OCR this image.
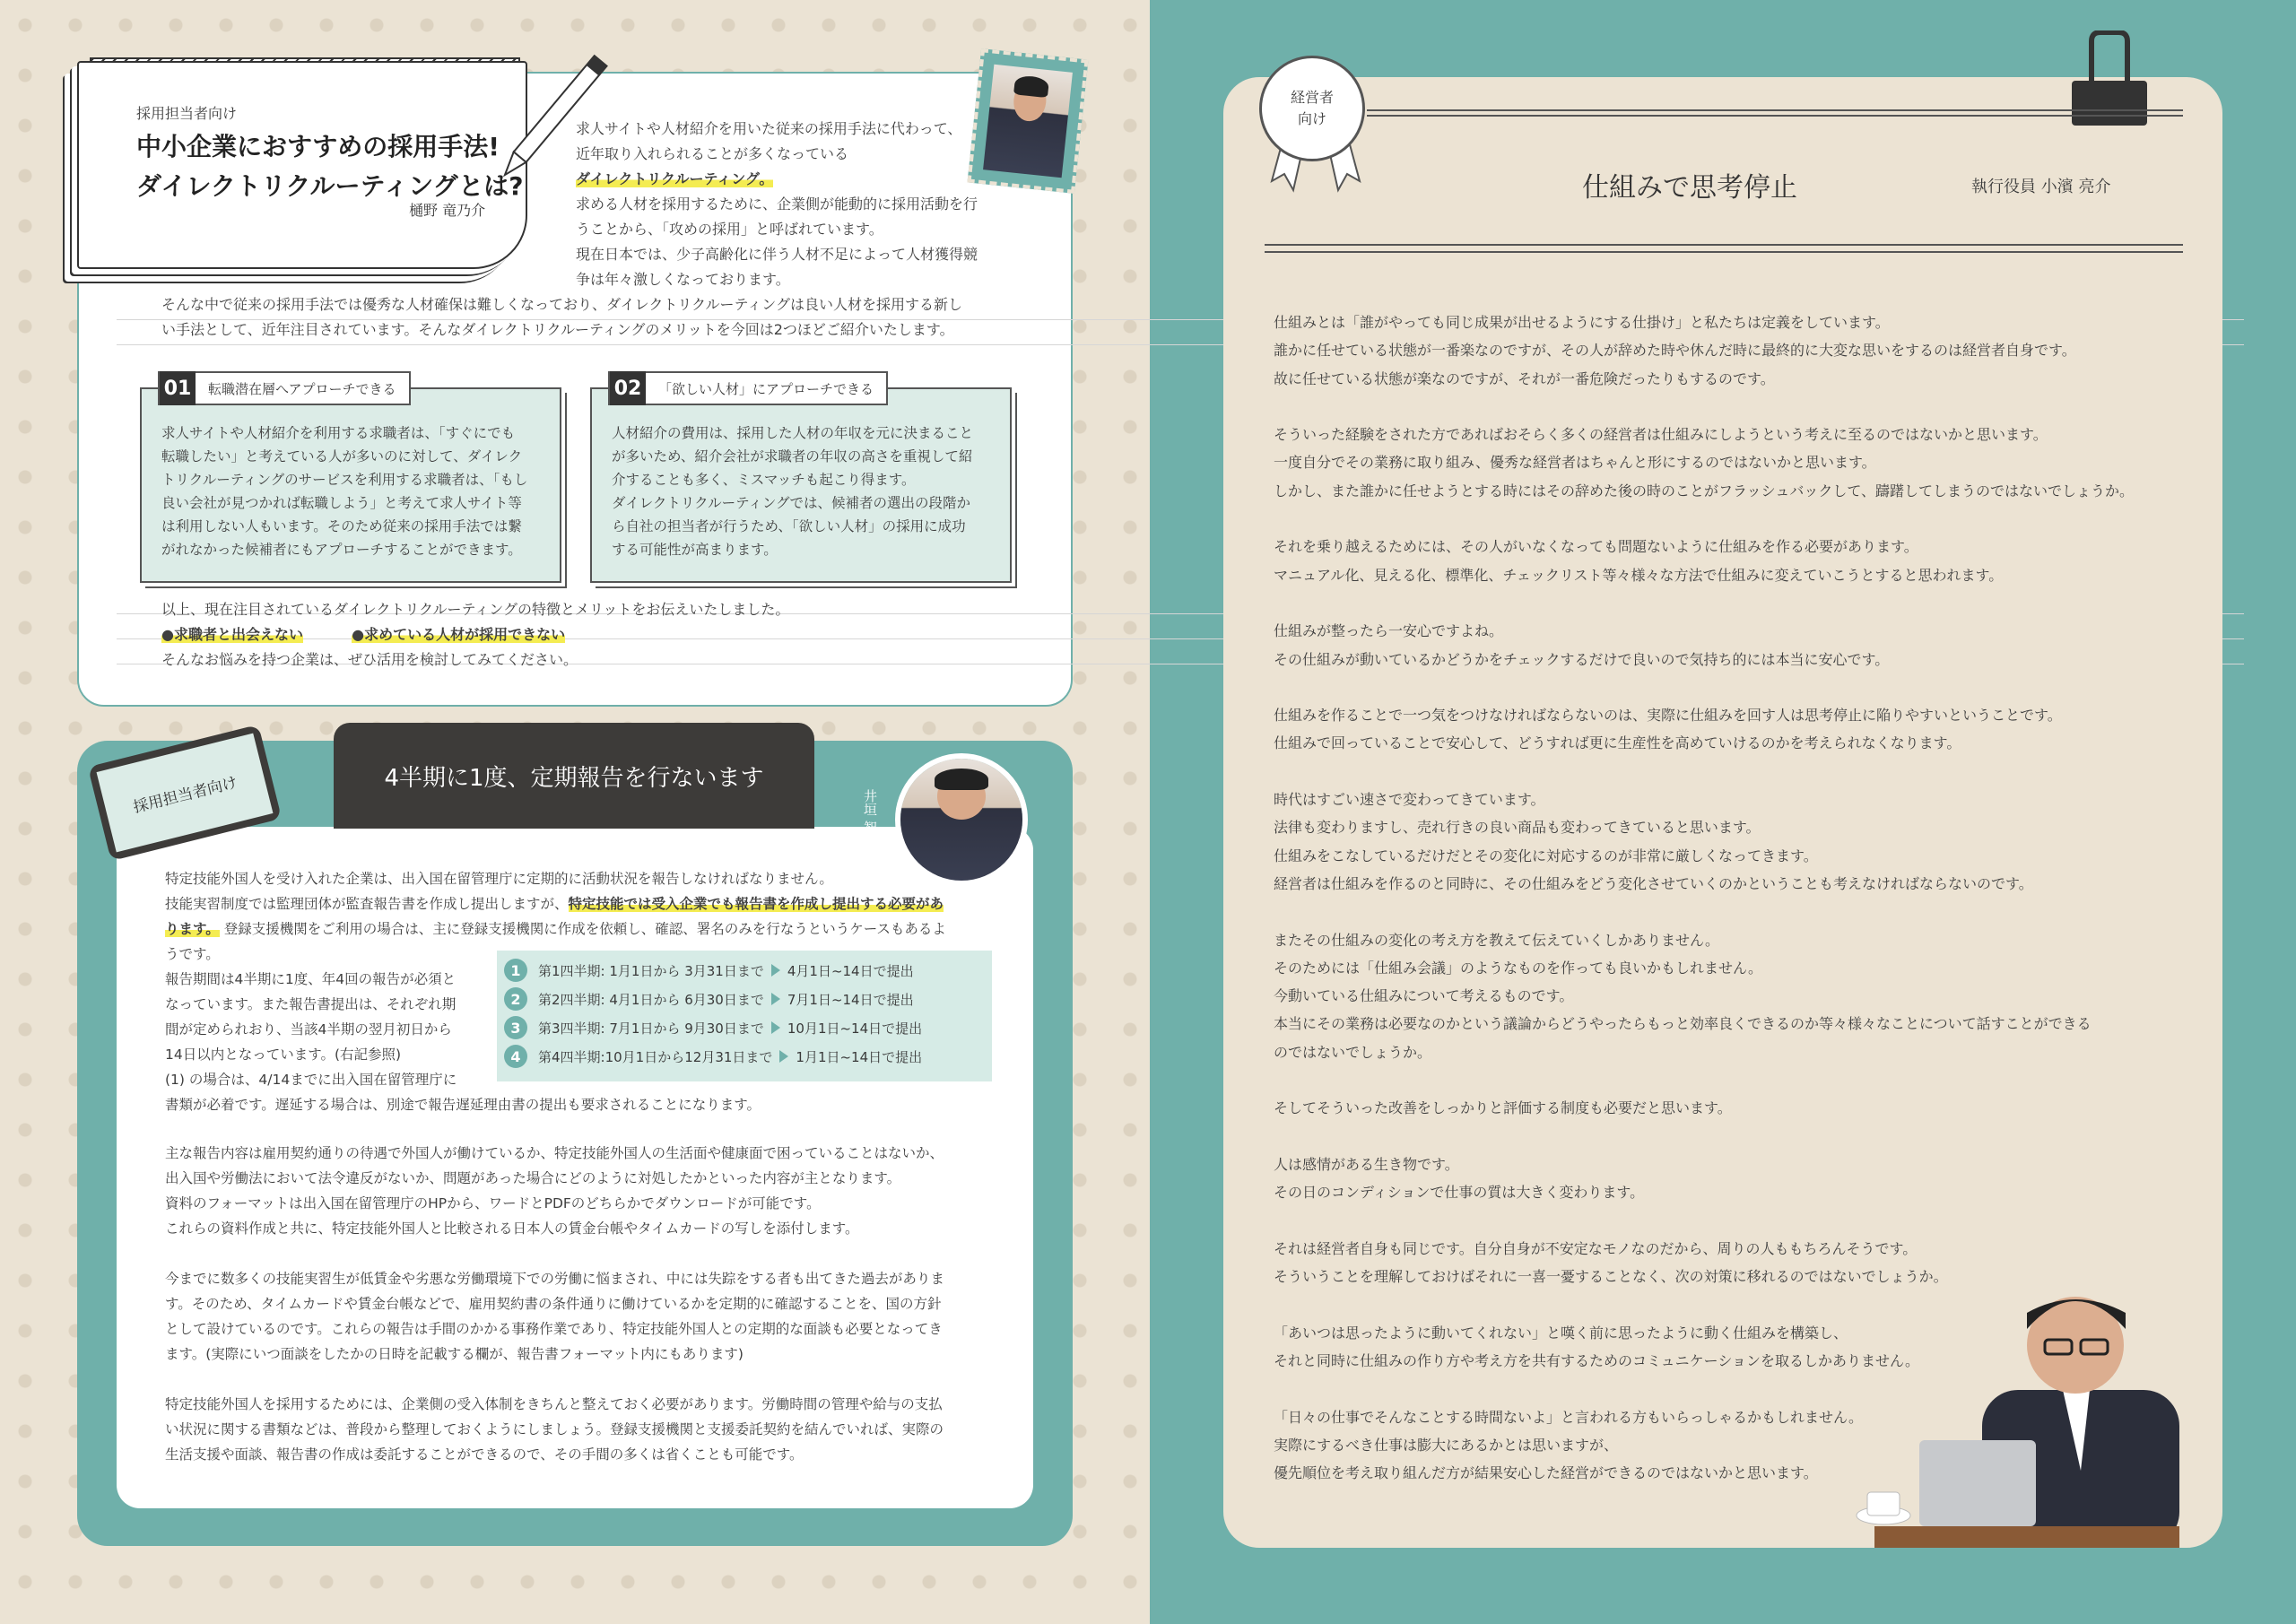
採用担当者向け
中小企業におすすめの採用手法!
ダイレクトリクルーティングとは?
樋野 竜乃介
求人サイトや人材紹介を用いた従来の採用手法に代わって、
近年取り入れられることが多くなっている
ダイレクトリクルーティング。
求める人材を採用するために、企業側が能動的に採用活動を行
うことから、「攻めの採用」と呼ばれています。
現在日本では、少子高齢化に伴う人材不足によって人材獲得競
争は年々激しくなっております。
そんな中で従来の採用手法では優秀な人材確保は難しくなっており、ダイレクトリクルーティングは良い人材を採用する新し
い手法として、近年注目されています。そんなダイレクトリクルーティングのメリットを今回は2つほどご紹介いたします。
01	転職潜在層へアプローチできる
求人サイトや人材紹介を利用する求職者は、「すぐにでも
転職したい」と考えている人が多いのに対して、ダイレク
トリクルーティングのサービスを利用する求職者は、「もし
良い会社が見つかれば転職しよう」と考えて求人サイト等
は利用しない人もいます。そのため従来の採用手法では繋
がれなかった候補者にもアプローチすることができます。
02	「欲しい人材」にアプローチできる
人材紹介の費用は、採用した人材の年収を元に決まること
が多いため、紹介会社が求職者の年収の高さを重視して紹
介することも多く、ミスマッチも起こり得ます。
ダイレクトリクルーティングでは、候補者の選出の段階か
ら自社の担当者が行うため、「欲しい人材」の採用に成功
する可能性が高まります。
以上、現在注目されているダイレクトリクルーティングの特徴とメリットをお伝えいたしました。
●求職者と出会えない	●求めている人材が採用できない
そんなお悩みを持つ企業は、ぜひ活用を検討してみてください。
4半期に1度、定期報告を行ないます
採用担当者向け	井垣 智寛
特定技能外国人を受け入れた企業は、出入国在留管理庁に定期的に活動状況を報告しなければなりません。
技能実習制度では監理団体が監査報告書を作成し提出しますが、特定技能では受入企業でも報告書を作成し提出する必要があ
ります。 登録支援機関をご利用の場合は、主に登録支援機関に作成を依頼し、確認、署名のみを行なうというケースもあるよ
うです。
報告期間は4半期に1度、年4回の報告が必須と
なっています。また報告書提出は、それぞれ期
間が定められおり、当該4半期の翌月初日から
14日以内となっています。(右記参照)
(1) の場合は、4/14までに出入国在留管理庁に
書類が必着です。遅延する場合は、別途で報告遅延理由書の提出も要求されることになります。
1	第1四半期: 1月1日から 3月31日まで 4月1日~14日で提出
2	第2四半期: 4月1日から 6月30日まで 7月1日~14日で提出
3	第3四半期: 7月1日から 9月30日まで 10月1日~14日で提出
4	第4四半期:10月1日から12月31日まで 1月1日~14日で提出
主な報告内容は雇用契約通りの待遇で外国人が働けているか、特定技能外国人の生活面や健康面で困っていることはないか、
出入国や労働法において法令違反がないか、問題があった場合にどのように対処したかといった内容が主となります。
資料のフォーマットは出入国在留管理庁のHPから、ワードとPDFのどちらかでダウンロードが可能です。
これらの資料作成と共に、特定技能外国人と比較される日本人の賃金台帳やタイムカードの写しを添付します。
今までに数多くの技能実習生が低賃金や劣悪な労働環境下での労働に悩まされ、中には失踪をする者も出てきた過去がありま
す。そのため、タイムカードや賃金台帳などで、雇用契約書の条件通りに働けているかを定期的に確認することを、国の方針
として設けているのです。これらの報告は手間のかかる事務作業であり、特定技能外国人との定期的な面談も必要となってき
ます。(実際にいつ面談をしたかの日時を記載する欄が、報告書フォーマット内にもあります)
特定技能外国人を採用するためには、企業側の受入体制をきちんと整えておく必要があります。労働時間の管理や給与の支払
い状況に関する書類などは、普段から整理しておくようにしましょう。登録支援機関と支援委託契約を結んでいれば、実際の
生活支援や面談、報告書の作成は委託することができるので、その手間の多くは省くことも可能です。
経営者
向け
仕組みで思考停止	執行役員 小濱 亮介
仕組みとは「誰がやっても同じ成果が出せるようにする仕掛け」と私たちは定義をしています。
誰かに任せている状態が一番楽なのですが、その人が辞めた時や休んだ時に最終的に大変な思いをするのは経営者自身です。
故に任せている状態が楽なのですが、それが一番危険だったりもするのです。
そういった経験をされた方であればおそらく多くの経営者は仕組みにしようという考えに至るのではないかと思います。
一度自分でその業務に取り組み、優秀な経営者はちゃんと形にするのではないかと思います。
しかし、また誰かに任せようとする時にはその辞めた後の時のことがフラッシュバックして、躊躇してしまうのではないでしょうか。
それを乗り越えるためには、その人がいなくなっても問題ないように仕組みを作る必要があります。
マニュアル化、見える化、標準化、チェックリスト等々様々な方法で仕組みに変えていこうとすると思われます。
仕組みが整ったら一安心ですよね。
その仕組みが動いているかどうかをチェックするだけで良いので気持ち的には本当に安心です。
仕組みを作ることで一つ気をつけなければならないのは、実際に仕組みを回す人は思考停止に陥りやすいということです。
仕組みで回っていることで安心して、どうすれば更に生産性を高めていけるのかを考えられなくなります。
時代はすごい速さで変わってきています。
法律も変わりますし、売れ行きの良い商品も変わってきていると思います。
仕組みをこなしているだけだとその変化に対応するのが非常に厳しくなってきます。
経営者は仕組みを作るのと同時に、その仕組みをどう変化させていくのかということも考えなければならないのです。
またその仕組みの変化の考え方を教えて伝えていくしかありません。
そのためには「仕組み会議」のようなものを作っても良いかもしれません。
今動いている仕組みについて考えるものです。
本当にその業務は必要なのかという議論からどうやったらもっと効率良くできるのか等々様々なことについて話すことができる
のではないでしょうか。
そしてそういった改善をしっかりと評価する制度も必要だと思います。
人は感情がある生き物です。
その日のコンディションで仕事の質は大きく変わります。
それは経営者自身も同じです。自分自身が不安定なモノなのだから、周りの人ももちろんそうです。
そういうことを理解しておけばそれに一喜一憂することなく、次の対策に移れるのではないでしょうか。
「あいつは思ったように動いてくれない」と嘆く前に思ったように動く仕組みを構築し、
それと同時に仕組みの作り方や考え方を共有するためのコミュニケーションを取るしかありません。
「日々の仕事でそんなことする時間ないよ」と言われる方もいらっしゃるかもしれません。
実際にするべき仕事は膨大にあるかとは思いますが、
優先順位を考え取り組んだ方が結果安心した経営ができるのではないかと思います。
